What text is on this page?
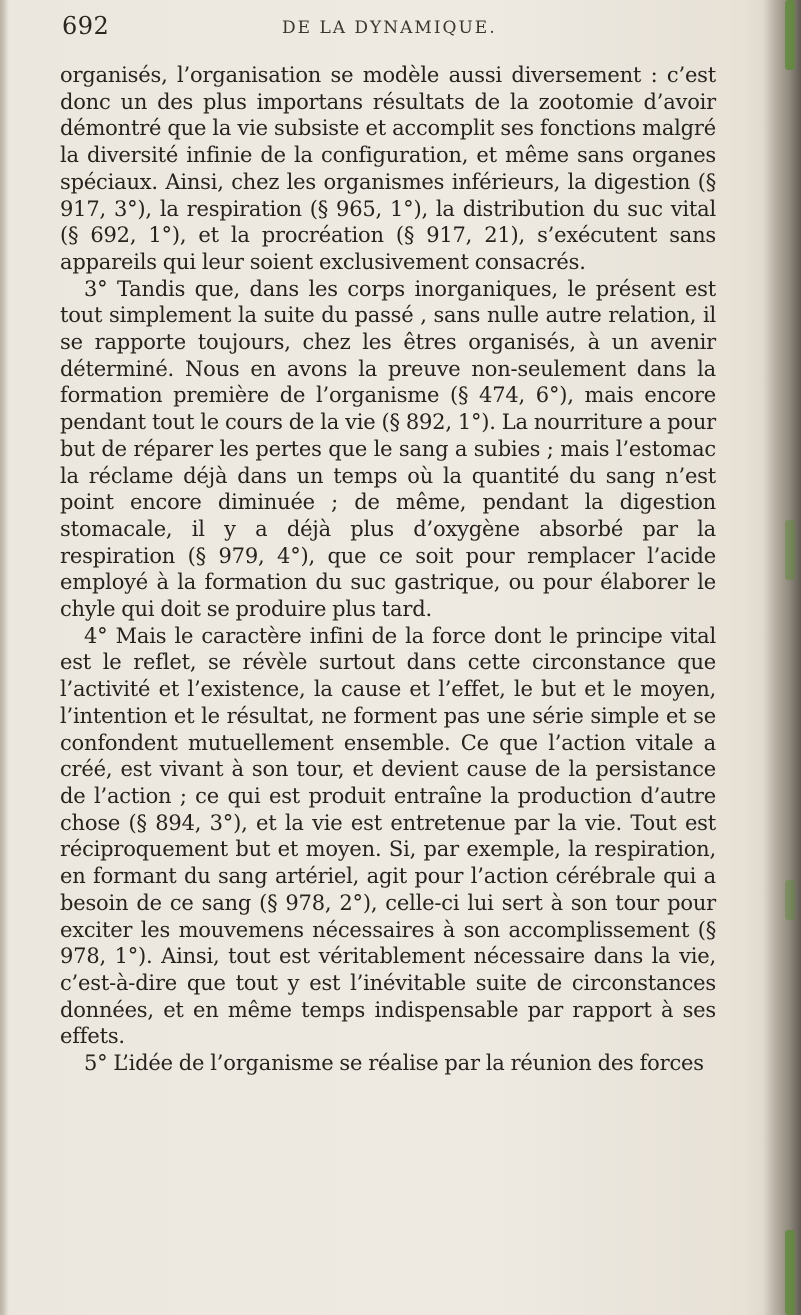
692	DE LA DYNAMIQUE.

organisés, l’organisation se modèle aussi diversement : c’est donc un des plus importans résultats de la zootomie d’avoir démontré que la vie subsiste et accomplit ses fonctions malgré la diversité infinie de la configuration, et même sans organes spéciaux. Ainsi, chez les organismes inférieurs, la digestion (§ 917, 3°), la respiration (§ 965, 1°), la distribution du suc vital (§ 692, 1°), et la procréation (§ 917, 21), s’exécutent sans appareils qui leur soient exclusivement consacrés.

3° Tandis que, dans les corps inorganiques, le présent est tout simplement la suite du passé , sans nulle autre relation, il se rapporte toujours, chez les êtres organisés, à un avenir déterminé. Nous en avons la preuve non-seulement dans la formation première de l’organisme (§ 474, 6°), mais encore pendant tout le cours de la vie (§ 892, 1°). La nourriture a pour but de réparer les pertes que le sang a subies ; mais l’estomac la réclame déjà dans un temps où la quantité du sang n’est point encore diminuée ; de même, pendant la digestion stomacale, il y a déjà plus d’oxygène absorbé par la respiration (§ 979, 4°), que ce soit pour remplacer l’acide employé à la formation du suc gastrique, ou pour élaborer le chyle qui doit se produire plus tard.

4° Mais le caractère infini de la force dont le principe vital est le reflet, se révèle surtout dans cette circonstance que l’activité et l’existence, la cause et l’effet, le but et le moyen, l’intention et le résultat, ne forment pas une série simple et se confondent mutuellement ensemble. Ce que l’action vitale a créé, est vivant à son tour, et devient cause de la persistance de l’action ; ce qui est produit entraîne la production d’autre chose (§ 894, 3°), et la vie est entretenue par la vie. Tout est réciproquement but et moyen. Si, par exemple, la respiration, en formant du sang artériel, agit pour l’action cérébrale qui a besoin de ce sang (§ 978, 2°), celle-ci lui sert à son tour pour exciter les mouvemens nécessaires à son accomplissement (§ 978, 1°). Ainsi, tout est véritablement nécessaire dans la vie, c’est-à-dire que tout y est l’inévitable suite de circonstances données, et en même temps indispensable par rapport à ses effets.

5° L’idée de l’organisme se réalise par la réunion des forces
